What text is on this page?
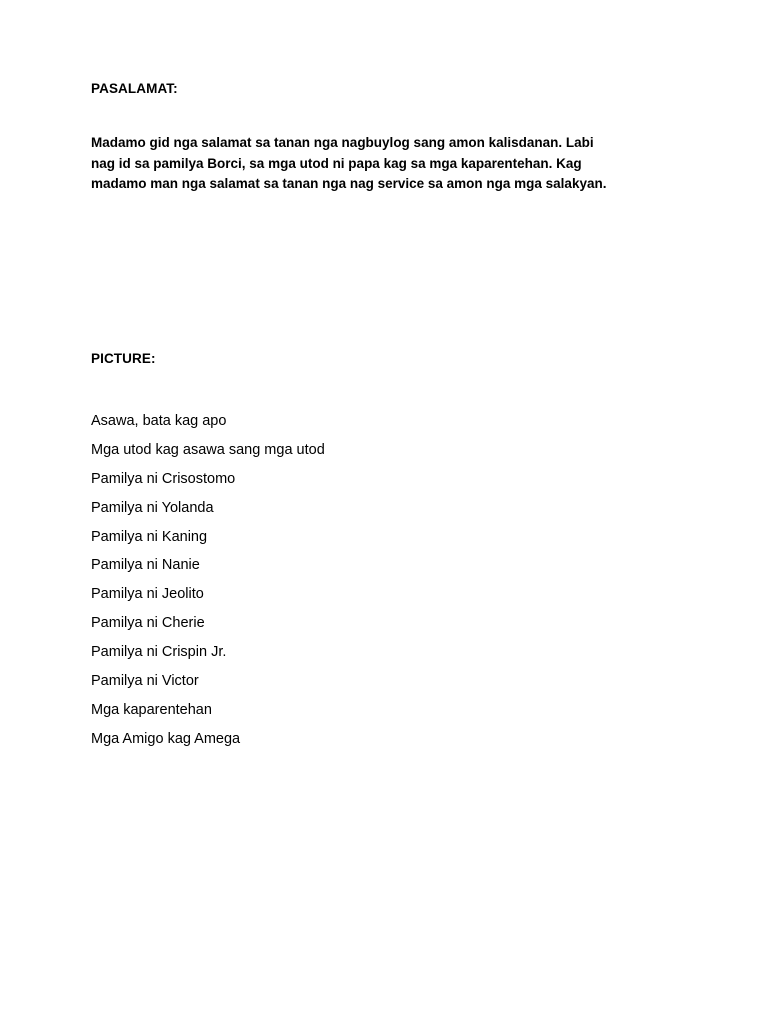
PASALAMAT:

Madamo gid nga salamat sa tanan nga nagbuylog sang amon kalisdanan. Labi
nag id sa pamilya Borci, sa mga utod ni papa kag sa mga kaparentehan. Kag
madamo man nga salamat sa tanan nga nag service sa amon nga mga salakyan.

PICTURE:
Asawa, bata kag apo
Mga utod kag asawa sang mga utod
Pamilya ni Crisostomo
Pamilya ni Yolanda
Pamilya ni Kaning
Pamilya ni Nanie
Pamilya ni Jeolito
Pamilya ni Cherie
Pamilya ni Crispin Jr.
Pamilya ni Victor
Mga kaparentehan
Mga Amigo kag Amega
